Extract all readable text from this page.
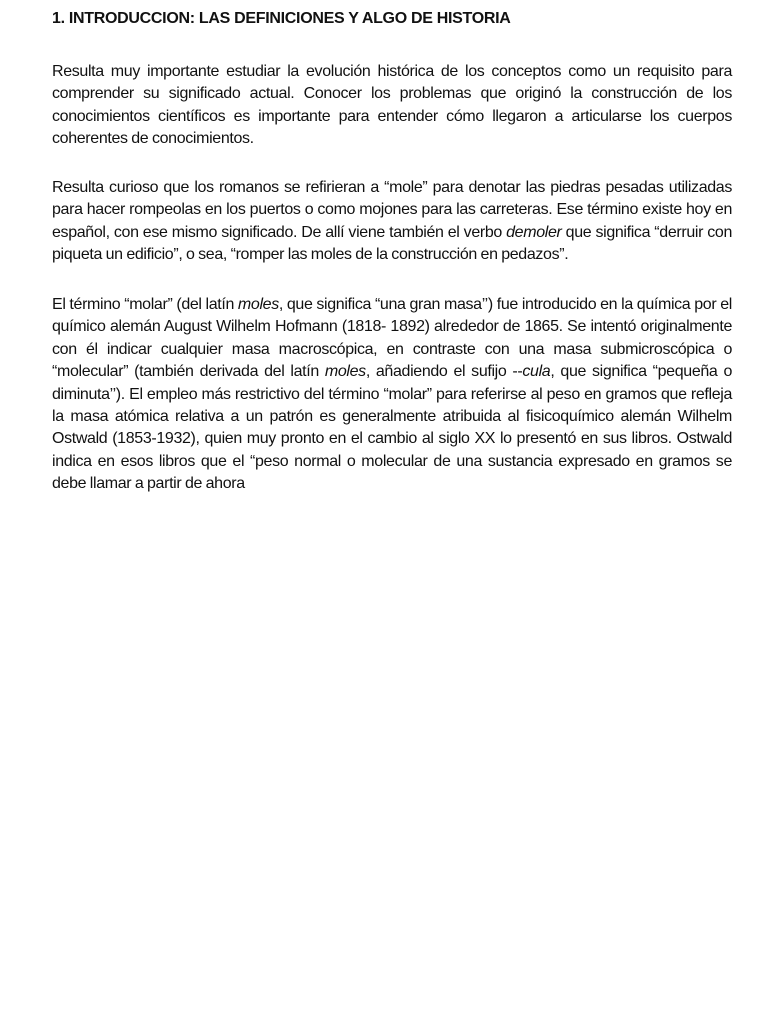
1. INTRODUCCION: LAS DEFINICIONES Y ALGO DE HISTORIA

Resulta muy importante estudiar la evolución histórica de los conceptos como un requisito para comprender su significado actual. Conocer los problemas que originó la construcción de los conocimientos científicos es importante para entender cómo llegaron a articularse los cuerpos coherentes de conocimientos.

Resulta curioso que los romanos se refirieran a “mole” para denotar las piedras pesadas utilizadas para hacer rompeolas en los puertos o como mojones para las carreteras. Ese término existe hoy en español, con ese mismo significado. De allí viene también el verbo demoler que significa “derruir con piqueta un edificio”, o sea, “romper las moles de la construcción en pedazos”.

El término “molar” (del latín moles, que significa “una gran masa’’) fue introducido en la química por el químico alemán August Wilhelm Hofmann (1818- 1892) alrededor de 1865. Se intentó originalmente con él indicar cualquier masa macroscópica, en contraste con una masa submicroscópica o “molecular” (también derivada del latín moles, añadiendo el sufijo --cula, que significa “pequeña o diminuta’’). El empleo más restrictivo del término “molar” para referirse al peso en gramos que refleja la masa atómica relativa a un patrón es generalmente atribuida al fisicoquímico alemán Wilhelm Ostwald (1853-1932), quien muy pronto en el cambio al siglo XX lo presentó en sus libros. Ostwald indica en esos libros que el “peso normal o molecular de una sustancia expresado en gramos se debe llamar a partir de ahora
